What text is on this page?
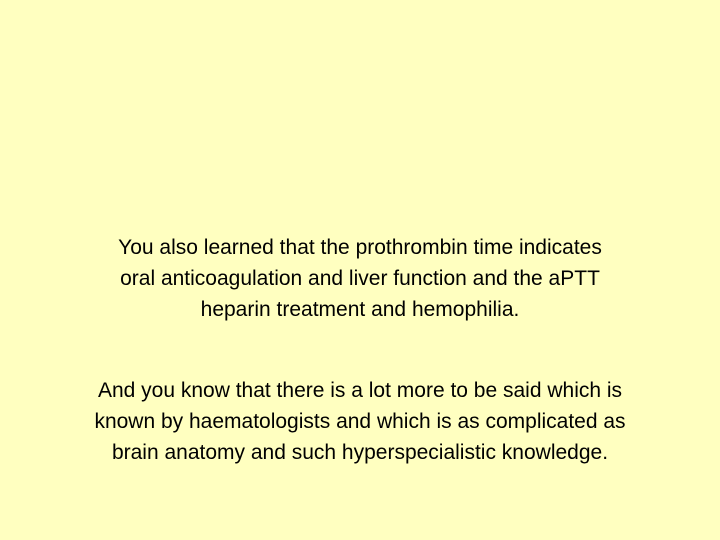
You also learned that the prothrombin time indicates
oral anticoagulation and liver function and the aPTT
heparin treatment and hemophilia.

And you know that there is a lot more to be said which is
known by haematologists and which is as complicated as
brain anatomy and such hyperspecialistic knowledge.
